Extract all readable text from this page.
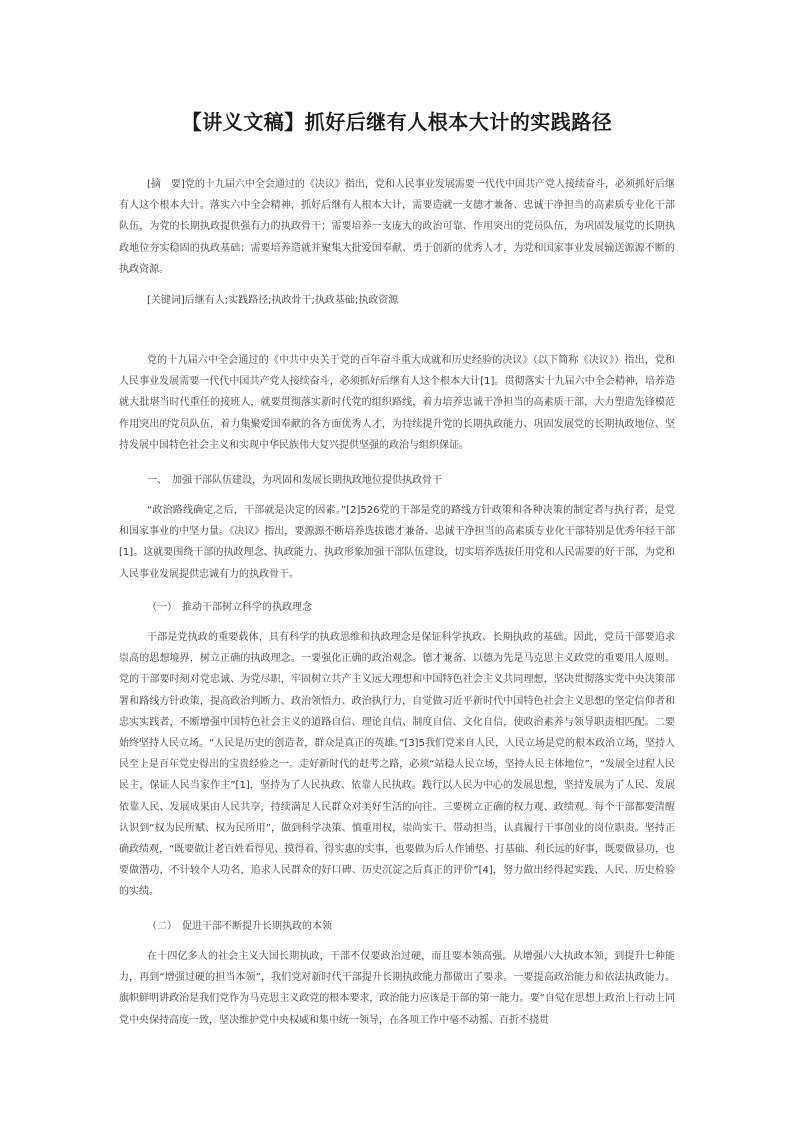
【讲义文稿】抓好后继有人根本大计的实践路径

[摘　要]党的十九届六中全会通过的《决议》指出，党和人民事业发展需要一代代中国共产党人接续奋斗，必须抓好后继有人这个根本大计。落实六中全会精神，抓好后继有人根本大计，需要造就一支德才兼备、忠诚干净担当的高素质专业化干部队伍，为党的长期执政提供强有力的执政骨干；需要培养一支庞大的政治可靠、作用突出的党员队伍，为巩固发展党的长期执政地位夯实稳固的执政基础；需要培养造就并聚集大批爱国奉献、勇于创新的优秀人才，为党和国家事业发展输送源源不断的执政资源。

[关键词]后继有人;实践路径;执政骨干;执政基础;执政资源

党的十九届六中全会通过的《中共中央关于党的百年奋斗重大成就和历史经验的决议》（以下简称《决议》）指出，党和人民事业发展需要一代代中国共产党人接续奋斗，必须抓好后继有人这个根本大计[1]。贯彻落实十九届六中全会精神，培养造就大批堪当时代重任的接班人，就要贯彻落实新时代党的组织路线，着力培养忠诚干净担当的高素质干部，大力塑造先锋模范作用突出的党员队伍，着力集聚爱国奉献的各方面优秀人才，为持续提升党的长期执政能力、巩固发展党的长期执政地位、坚持发展中国特色社会主义和实现中华民族伟大复兴提供坚强的政治与组织保证。

一、　加强干部队伍建设，为巩固和发展长期执政地位提供执政骨干

“政治路线确定之后，干部就是决定的因素。”[2]526党的干部是党的路线方针政策和各种决策的制定者与执行者，是党和国家事业的中坚力量。《决议》指出，要源源不断培养选拔德才兼备、忠诚干净担当的高素质专业化干部特别是优秀年轻干部[1]。这就要围绕干部的执政理念、执政能力、执政形象加强干部队伍建设，切实培养选拔任用党和人民需要的好干部，为党和人民事业发展提供忠诚有力的执政骨干。

（一）　推动干部树立科学的执政理念

干部是党执政的重要载体，具有科学的执政思维和执政理念是保证科学执政、长期执政的基础。因此，党员干部要追求崇高的思想境界，树立正确的执政理念。一要强化正确的政治观念。德才兼备、以德为先是马克思主义政党的重要用人原则。党的干部要时刻对党忠诚、为党尽职，牢固树立共产主义远大理想和中国特色社会主义共同理想，坚决贯彻落实党中央决策部署和路线方针政策，提高政治判断力、政治领悟力、政治执行力，自觉做习近平新时代中国特色社会主义思想的坚定信仰者和忠实实践者，不断增强中国特色社会主义的道路自信、理论自信、制度自信、文化自信，使政治素养与领导职责相匹配。二要始终坚持人民立场。“人民是历史的创造者，群众是真正的英雄。”[3]5我们党来自人民，人民立场是党的根本政治立场，坚持人民至上是百年党史得出的宝贵经验之一。走好新时代的赶考之路，必须“站稳人民立场，坚持人民主体地位”，“发展全过程人民民主，保证人民当家作主”[1]，坚持为了人民执政、依靠人民执政。践行以人民为中心的发展思想，坚持发展为了人民、发展依靠人民、发展成果由人民共享，持续满足人民群众对美好生活的向往。三要树立正确的权力观、政绩观。每个干部都要清醒认识到“权为民所赋、权为民所用”，做到科学决策、慎重用权，崇尚实干、带动担当，认真履行干事创业的岗位职责。坚持正确政绩观，“既要做让老百姓看得见、摸得着、得实惠的实事，也要做为后人作铺垫、打基础、利长远的好事，既要做显功，也要做潜功，不计较个人功名，追求人民群众的好口碑、历史沉淀之后真正的评价”[4]，努力做出经得起实践、人民、历史检验的实绩。

（二）　促进干部不断提升长期执政的本领

在十四亿多人的社会主义大国长期执政，干部不仅要政治过硬，而且要本领高强。从增强八大执政本领，到提升七种能力，再到“增强过硬的担当本领”，我们党对新时代干部提升长期执政能力都做出了要求。一要提高政治能力和依法执政能力。旗帜鲜明讲政治是我们党作为马克思主义政党的根本要求，政治能力应该是干部的第一能力。要“自觉在思想上政治上行动上同党中央保持高度一致，坚决维护党中央权威和集中统一领导，在各项工作中毫不动摇、百折不挠贯
